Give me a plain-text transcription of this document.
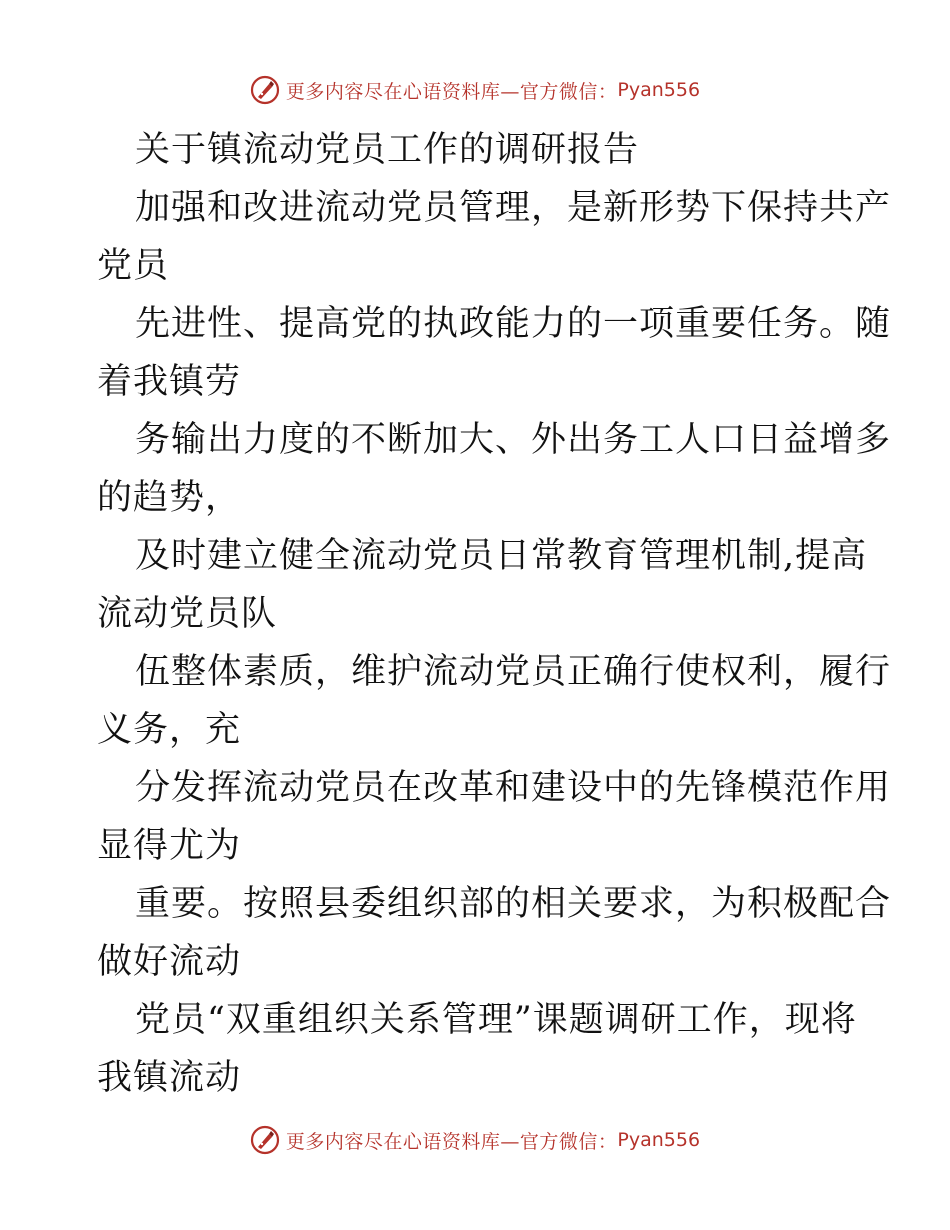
更多内容尽在心语资料库—官方微信： Pyan556
关于镇流动党员工作的调研报告
加强和改进流动党员管理，是新形势下保持共产
党员
先进性、提高党的执政能力的一项重要任务。随
着我镇劳
务输出力度的不断加大、外出务工人口日益增多
的趋势，
及时建立健全流动党员日常教育管理机制,提高
流动党员队
伍整体素质，维护流动党员正确行使权利，履行
义务，充
分发挥流动党员在改革和建设中的先锋模范作用
显得尤为
重要。按照县委组织部的相关要求，为积极配合
做好流动
党员“双重组织关系管理”课题调研工作，现将
我镇流动
更多内容尽在心语资料库—官方微信： Pyan556
